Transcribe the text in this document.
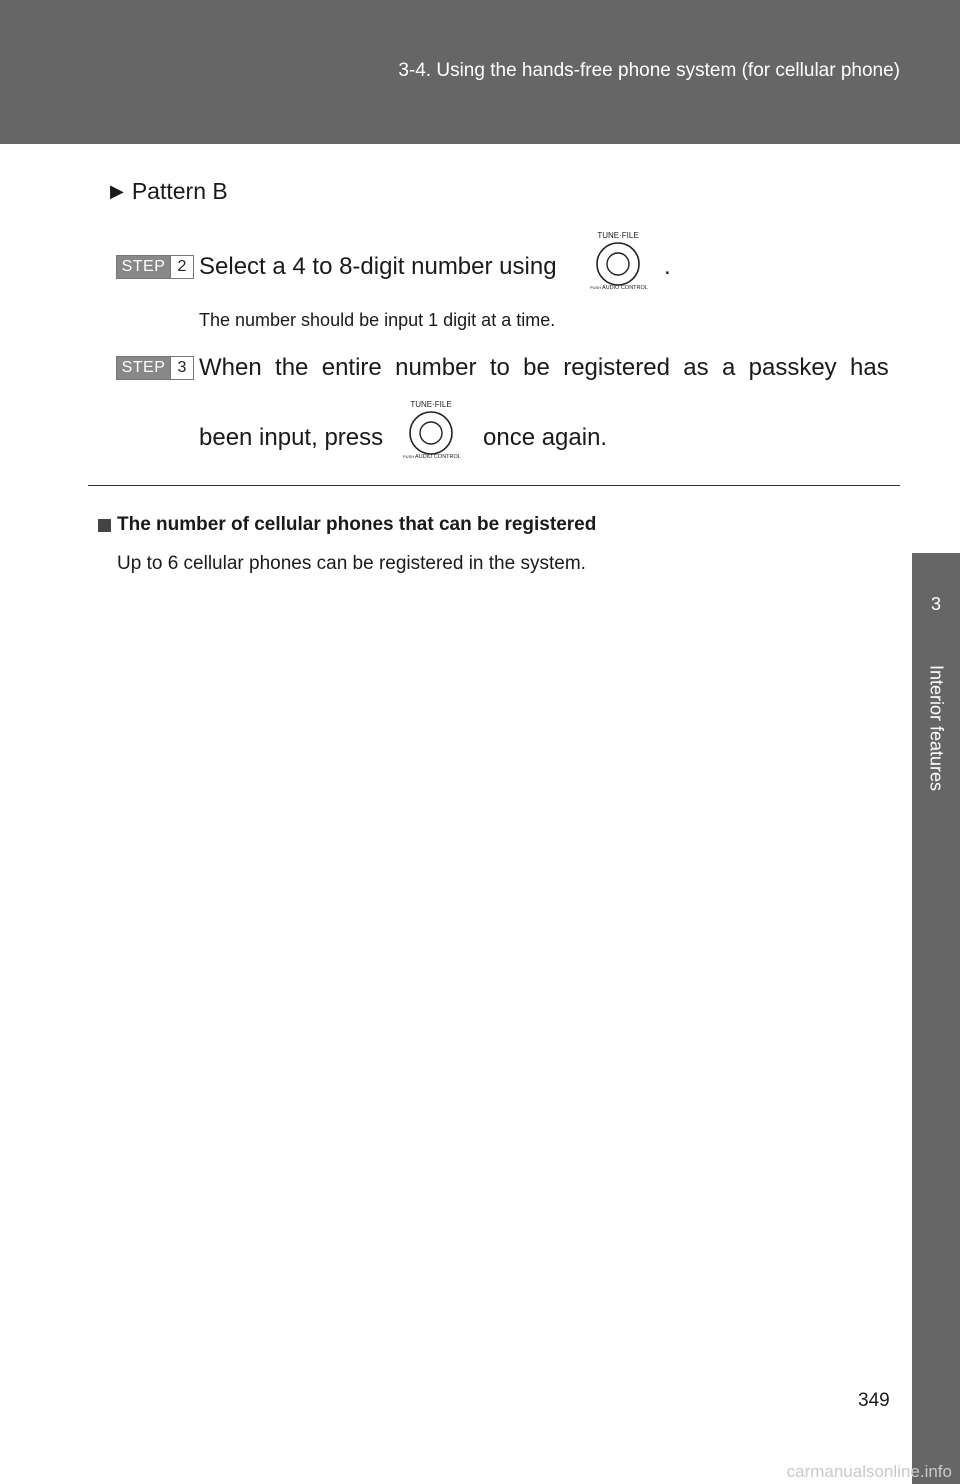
3-4. Using the hands-free phone system (for cellular phone)
3
Interior features
▶ Pattern B
STEP 2 Select a 4 to 8-digit number using
TUNE·FILE
PUSH AUDIO CONTROL
.
The number should be input 1 digit at a time.
STEP 3 When  the  entire  number  to  be  registered  as  a  passkey  has
been input, press
TUNE·FILE
PUSH AUDIO CONTROL
once again.
The number of cellular phones that can be registered
Up to 6 cellular phones can be registered in the system.
349
carmanualsonline.info
